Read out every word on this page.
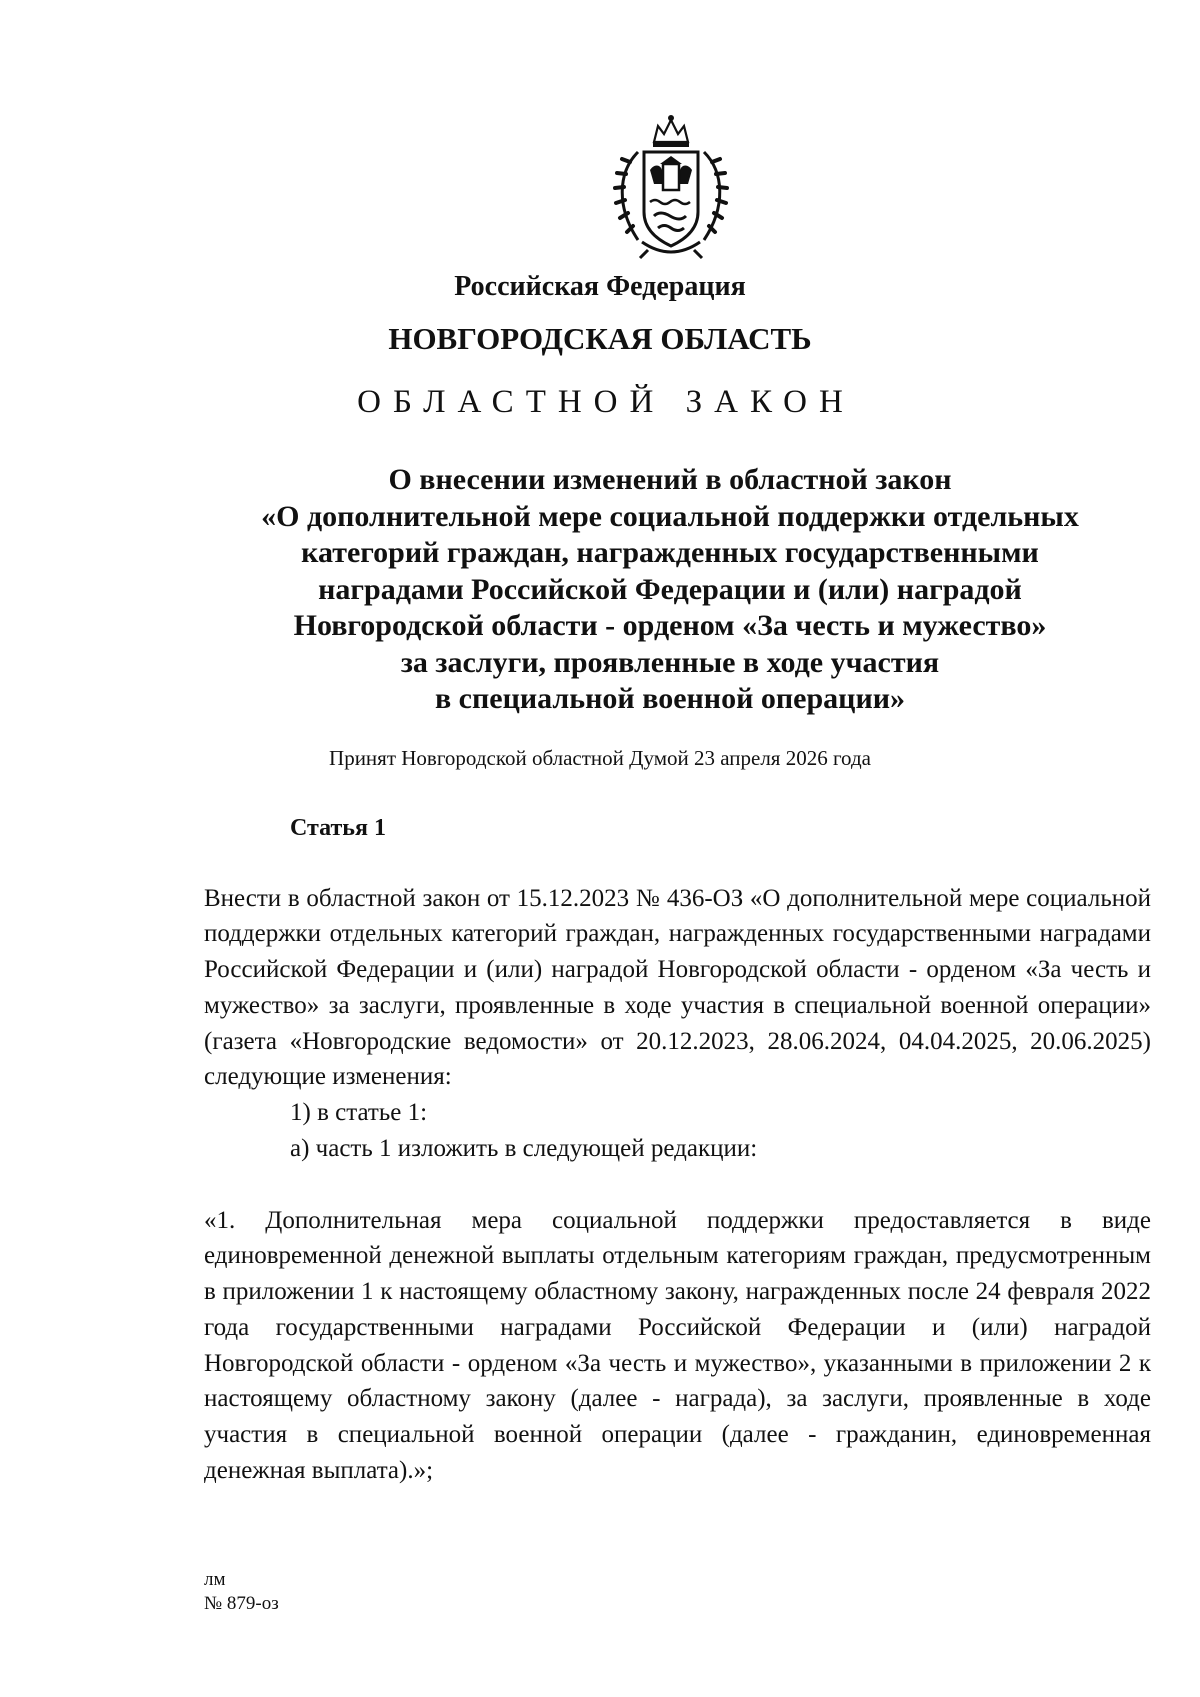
Российская Федерация
НОВГОРОДСКАЯ ОБЛАСТЬ
ОБЛАСТНОЙ ЗАКОН
О внесении изменений в областной закон
«О дополнительной мере социальной поддержки отдельных
категорий граждан, награжденных государственными
наградами Российской Федерации и (или) наградой
Новгородской области - орденом «За честь и мужество»
за заслуги, проявленные в ходе участия
в специальной военной операции»
Принят Новгородской областной Думой 23 апреля 2026 года
Статья 1

Внести в областной закон от 15.12.2023 № 436-ОЗ «О дополнительной мере социальной поддержки отдельных категорий граждан, награжденных государственными наградами Российской Федерации и (или) наградой Новгородской области - орденом «За честь и мужество» за заслуги, проявленные в ходе участия в специальной военной операции» (газета «Новгородские ведомости» от 20.12.2023, 28.06.2024, 04.04.2025, 20.06.2025) следующие изменения:

1) в статье 1:
а) часть 1 изложить в следующей редакции:

«1. Дополнительная мера социальной поддержки предоставляется в виде единовременной денежной выплаты отдельным категориям граждан, предусмотренным в приложении 1 к настоящему областному закону, награжденных после 24 февраля 2022 года государственными наградами Российской Федерации и (или) наградой Новгородской области - орденом «За честь и мужество», указанными в приложении 2 к настоящему областному закону (далее - награда), за заслуги, проявленные в ходе участия в специальной военной операции (далее - гражданин, единовременная денежная выплата).»;

лм
№ 879-оз
